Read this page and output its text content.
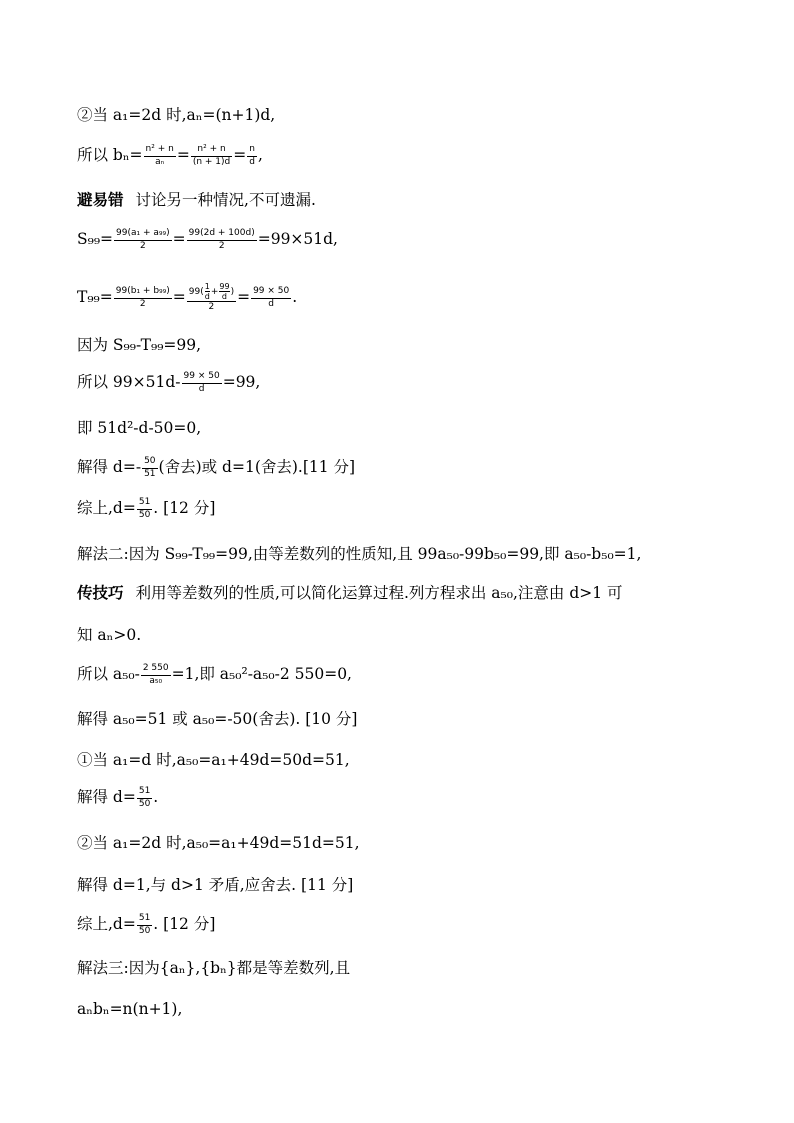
②当 a₁=2d 时,aₙ=(n+1)d,
所以 $b_n= \frac{\text{n² + n}}{\text{aₙ}} = \frac{\text{n² + n}}{(n + 1)d} = \frac{n}{d}$ ,
避易错 讨论另一种情况,不可遗漏.
$S_{99}= \frac{\text{99(a₁ + a₉₉)}}{2} = \frac{99(2d + 100d)}{2} =99\times 51d$,
$T_{99}= \frac{\text{99(b₁ + b₉₉)}}{2} = \frac{99( \frac{1}{d} + \frac{99}{d} )}{2} = \frac{99 \times 50}{d}$ .
因为 S₉₉-T₉₉=99,
所以 $99\times 51d- \frac{99 \times 50}{d} =99$,
即 51d²-d-50=0,
解得 $d=- \frac{50}{51}$ (舍去)或 d=1(舍去).[11 分]
综上$,d= \frac{51}{50}$ . [12 分]
解法二:因为 S₉₉-T₉₉=99,由等差数列的性质知,且 99a₅₀-99b₅₀=99,即 a₅₀-b₅₀=1,
传技巧 利用等差数列的性质,可以简化运算过程.列方程求出 a₅₀,注意由 d>1 可
知 aₙ>0.
所以 $a_{50}- \frac{2 550}{\text{a₅₀}} =1$,即 a₅₀²-a₅₀-2 550=0,
解得 a₅₀=51 或 a₅₀=-50(舍去). [10 分]
①当 a₁=d 时,a₅₀=a₁+49d=50d=51,
解得 $d= \frac{51}{50}$ .
②当 a₁=2d 时,a₅₀=a₁+49d=51d=51,
解得 d=1,与 d>1 矛盾,应舍去. [11 分]
综上$,d= \frac{51}{50}$ . [12 分]
解法三:因为{aₙ},{bₙ}都是等差数列,且
aₙbₙ=n(n+1),
